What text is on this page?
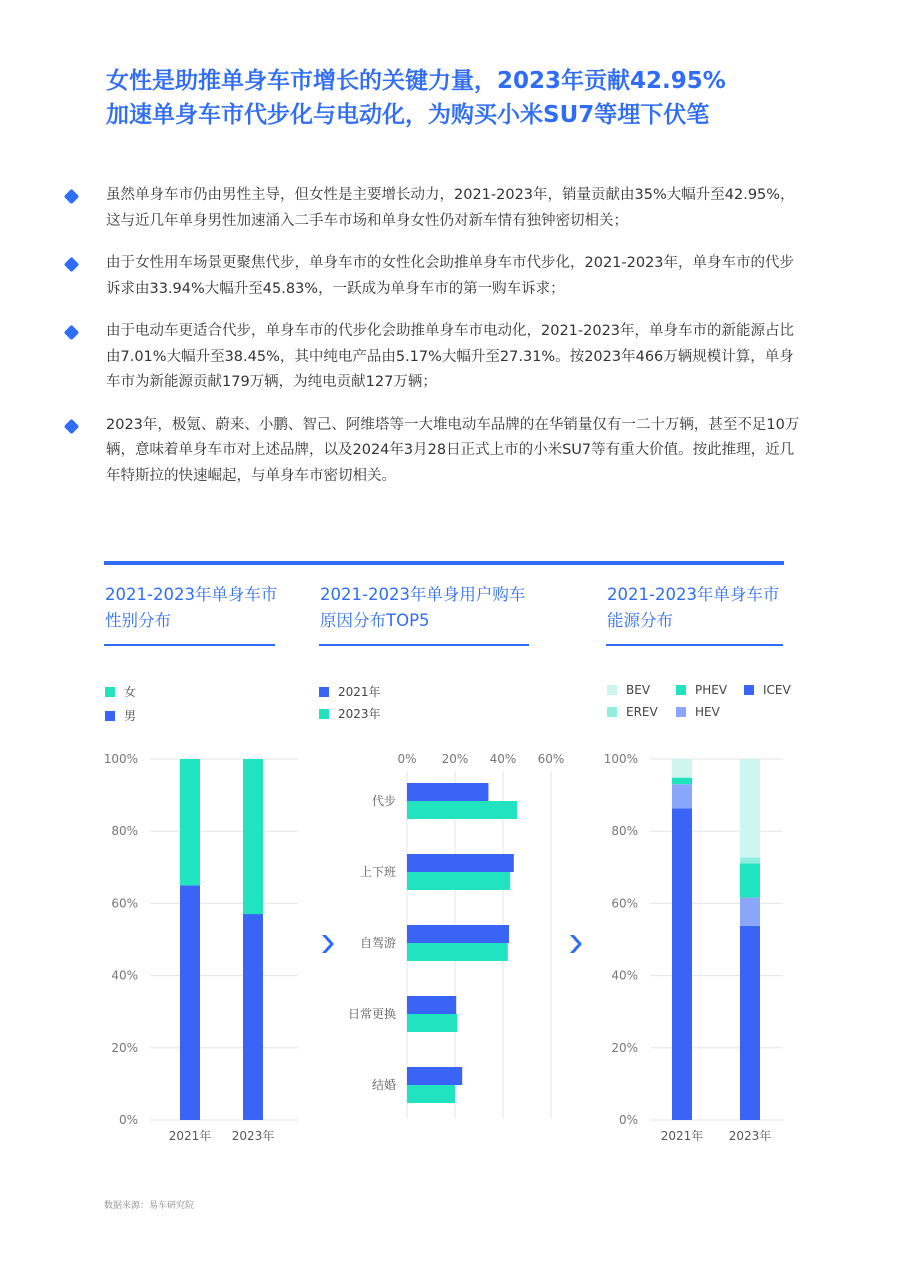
女性是助推单身车市增长的关键力量，2023年贡献42.95%
加速单身车市代步化与电动化，为购买小米SU7等埋下伏笔
虽然单身车市仍由男性主导，但女性是主要增长动力，2021-2023年，销量贡献由35%大幅升至42.95%，这与近几年单身男性加速涌入二手车市场和单身女性仍对新车情有独钟密切相关；
由于女性用车场景更聚焦代步，单身车市的女性化会助推单身车市代步化，2021-2023年，单身车市的代步诉求由33.94%大幅升至45.83%，一跃成为单身车市的第一购车诉求；
由于电动车更适合代步，单身车市的代步化会助推单身车市电动化，2021-2023年，单身车市的新能源占比由7.01%大幅升至38.45%，其中纯电产品由5.17%大幅升至27.31%。按2023年466万辆规模计算，单身车市为新能源贡献179万辆，为纯电贡献127万辆；
2023年，极氪、蔚来、小鹏、智己、阿维塔等一大堆电动车品牌的在华销量仅有一二十万辆，甚至不足10万辆，意味着单身车市对上述品牌，以及2024年3月28日正式上市的小米SU7等有重大价值。按此推理，近几年特斯拉的快速崛起，与单身车市密切相关。
2021-2023年单身车市
性别分布
2021-2023年单身用户购车
原因分布TOP5
2021-2023年单身车市
能源分布
女
男
2021年
2023年
BEV	PHEV	ICEV
EREV	HEV
0%
20%
40%
60%
80%
100%
2021年 2023年
0% 20% 40% 60%
代步
上下班
自驾游
日常更换
结婚
0%
20%
40%
60%
80%
100%
2021年 2023年
数据来源：易车研究院
